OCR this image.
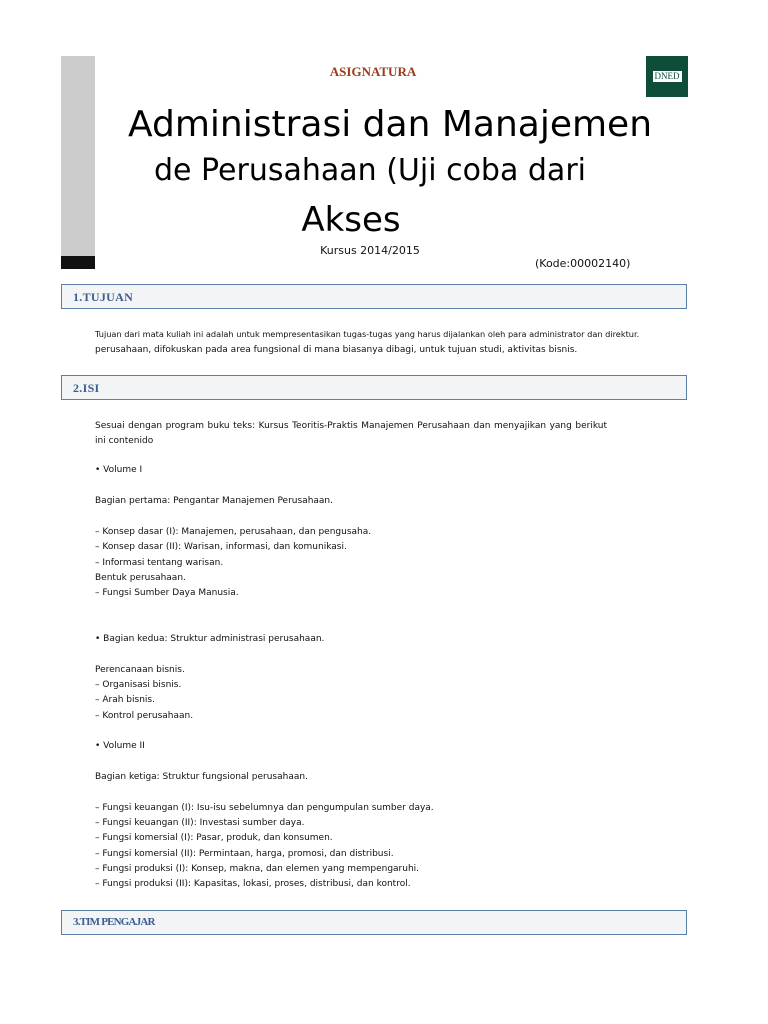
ASIGNATURA	DNED
Administrasi dan Manajemen
de Perusahaan (Uji coba dari
Akses
Kursus 2014/2015
(Kode:00002140)
1.TUJUAN
Tujuan dari mata kuliah ini adalah untuk mempresentasikan tugas-tugas yang harus dijalankan oleh para administrator dan direktur.
perusahaan, difokuskan pada area fungsional di mana biasanya dibagi, untuk tujuan studi, aktivitas bisnis.
2.ISI

Sesuai dengan program buku teks: Kursus Teoritis-Praktis Manajemen Perusahaan dan menyajikan yang berikut ini contenido

• Volume I
Bagian pertama: Pengantar Manajemen Perusahaan.
– Konsep dasar (I): Manajemen, perusahaan, dan pengusaha.
– Konsep dasar (II): Warisan, informasi, dan komunikasi.
– Informasi tentang warisan.
Bentuk perusahaan.
– Fungsi Sumber Daya Manusia.
• Bagian kedua: Struktur administrasi perusahaan.
Perencanaan bisnis.
– Organisasi bisnis.
– Arah bisnis.
– Kontrol perusahaan.
• Volume II
Bagian ketiga: Struktur fungsional perusahaan.
– Fungsi keuangan (I): Isu-isu sebelumnya dan pengumpulan sumber daya.
– Fungsi keuangan (II): Investasi sumber daya.
– Fungsi komersial (I): Pasar, produk, dan konsumen.
– Fungsi komersial (II): Permintaan, harga, promosi, dan distribusi.
– Fungsi produksi (I): Konsep, makna, dan elemen yang mempengaruhi.
– Fungsi produksi (II): Kapasitas, lokasi, proses, distribusi, dan kontrol.
3.TIM PENGAJAR
